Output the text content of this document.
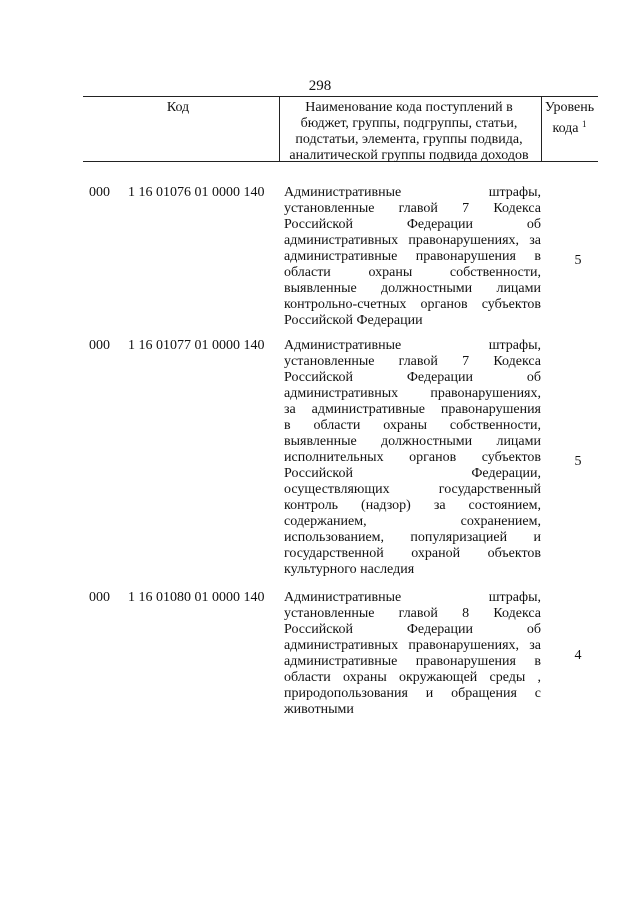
298
Код	Наименование кода поступлений в
бюджет, группы, подгруппы, статьи,
подстатьи, элемента, группы подвида,
аналитической группы подвида доходов
Уровень
кода $^1$
000 1 16 01076 01 0000 140 Административные штрафы,
установленные главой 7 Кодекса
Российской Федерации об
административных правонарушениях, за
административные правонарушения в
области охраны собственности,
выявленные должностными лицами
контрольно-счетных органов субъектов
Российской Федерации
5
000 1 16 01077 01 0000 140 Административные штрафы,
установленные главой 7 Кодекса
Российской Федерации об
административных правонарушениях,
за административные правонарушения
в области охраны собственности,
выявленные должностными лицами
исполнительных органов субъектов
Российской Федерации,
осуществляющих государственный
контроль (надзор) за состоянием,
содержанием, сохранением,
использованием, популяризацией и
государственной охраной объектов
культурного наследия
5
000 1 16 01080 01 0000 140 Административные штрафы,
установленные главой 8 Кодекса
Российской Федерации об
административных правонарушениях, за
административные правонарушения в
области охраны окружающей среды ,
природопользования и обращения с
животными
4
